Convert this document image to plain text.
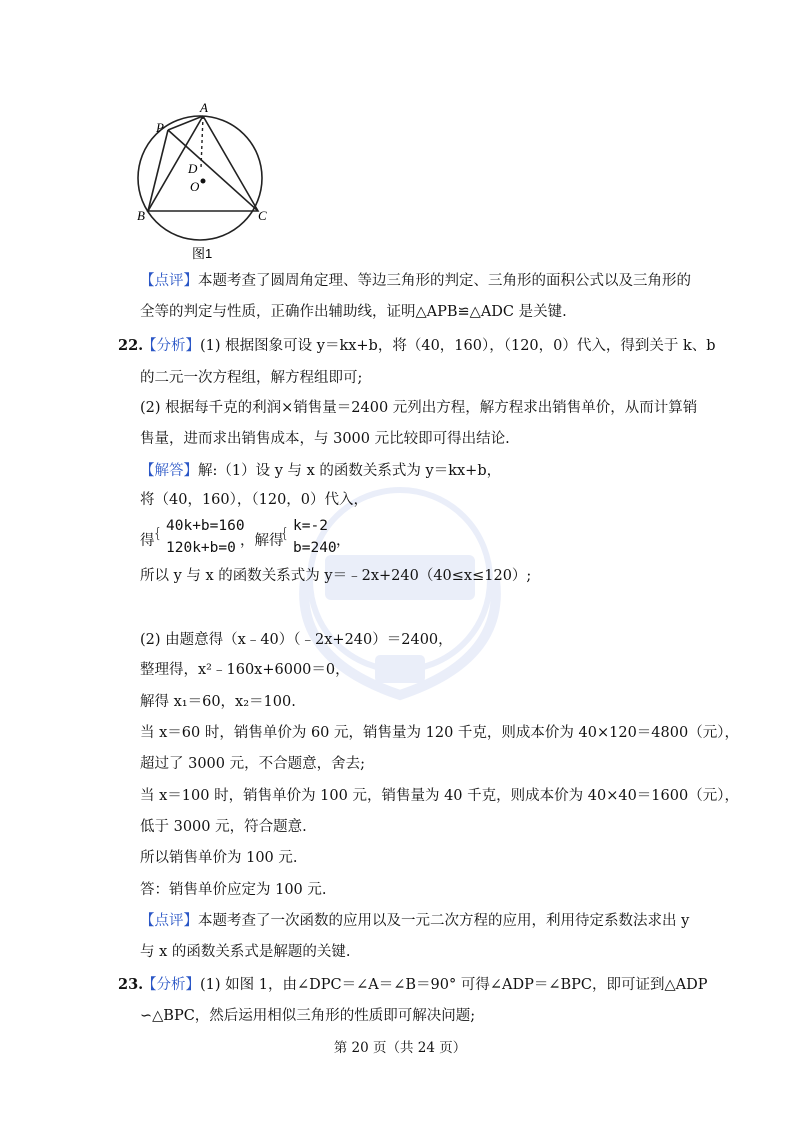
A
P
D
O
B	C
图1
【点评】本题考查了圆周角定理、等边三角形的判定、三角形的面积公式以及三角形的
全等的判定与性质，正确作出辅助线，证明△APB≌△ADC 是关键.
22.
【分析】(1) 根据图象可设 y＝kx+b，将（40，160），（120，0）代入，得到关于 k、b
的二元一次方程组，解方程组即可;
(2) 根据每千克的利润×销售量＝2400 元列出方程，解方程求出销售单价，从而计算销
售量，进而求出销售成本，与 3000 元比较即可得出结论.
【解答】解:（1）设 y 与 x 的函数关系式为 y＝kx+b，
将（40，160），（120，0）代入，
得
{ 40k+b=160
120k+b=0 ，解得
{ k=-2
b=240 ，
所以 y 与 x 的函数关系式为 y＝﹣2x+240（40≤x≤120）;
(2) 由题意得（x﹣40）（﹣2x+240）＝2400，
整理得，x²﹣160x+6000＝0，
解得 x₁＝60，x₂＝100.
当 x＝60 时，销售单价为 60 元，销售量为 120 千克，则成本价为 40×120＝4800（元），
超过了 3000 元，不合题意，舍去;
当 x＝100 时，销售单价为 100 元，销售量为 40 千克，则成本价为 40×40＝1600（元），
低于 3000 元，符合题意.
所以销售单价为 100 元.
答：销售单价应定为 100 元.
【点评】本题考查了一次函数的应用以及一元二次方程的应用，利用待定系数法求出 y
与 x 的函数关系式是解题的关键.
23.
【分析】(1) 如图 1，由∠DPC＝∠A＝∠B＝90° 可得∠ADP＝∠BPC，即可证到△ADP
∽△BPC，然后运用相似三角形的性质即可解决问题;
第 20 页（共 24 页）
